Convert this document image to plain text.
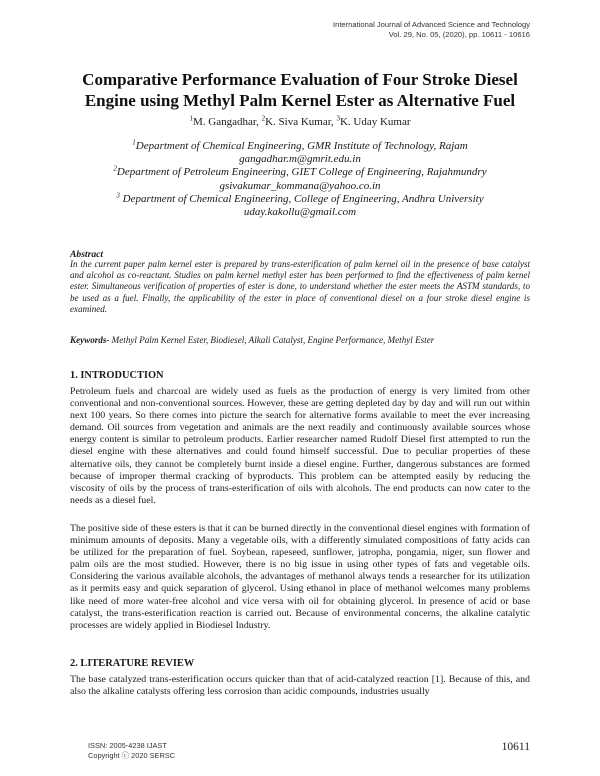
International Journal of Advanced Science and Technology
Vol. 29, No. 05, (2020), pp. 10611 - 10616
Comparative Performance Evaluation of Four Stroke Diesel
Engine using Methyl Palm Kernel Ester as Alternative Fuel
$^1$M. Gangadhar, $^2$K. Siva Kumar, $^3$K. Uday Kumar
$^1$Department of Chemical Engineering, GMR Institute of Technology, Rajam
gangadhar.m@gmrit.edu.in
$^2$Department of Petroleum Engineering, GIET College of Engineering, Rajahmundry
gsivakumar_kommana@yahoo.co.in
$^3$ Department of Chemical Engineering, College of Engineering, Andhra University
uday.kakollu@gmail.com
Abstract
In the current paper palm kernel ester is prepared by trans-esterification of palm kernel oil in the presence of base catalyst and alcohol as co-reactant. Studies on palm kernel methyl ester has been performed to find the effectiveness of palm kernel ester. Simultaneous verification of properties of ester is done, to understand whether the ester meets the ASTM standards, to be used as a fuel. Finally, the applicability of the ester in place of conventional diesel on a four stroke diesel engine is examined.
Keywords- Methyl Palm Kernel Ester, Biodiesel, Alkali Catalyst, Engine Performance, Methyl Ester
1. INTRODUCTION
Petroleum fuels and charcoal are widely used as fuels as the production of energy is very limited from other conventional and non-conventional sources. However, these are getting depleted day by day and will run out within next 100 years. So there comes into picture the search for alternative forms available to meet the ever increasing demand. Oil sources from vegetation and animals are the next readily and continuously available sources whose energy content is similar to petroleum products. Earlier researcher named Rudolf Diesel first attempted to run the diesel engine with these alternatives and could found himself successful. Due to peculiar properties of these alternative oils, they cannot be completely burnt inside a diesel engine. Further, dangerous substances are formed because of improper thermal cracking of byproducts. This problem can be attempted easily by reducing the viscosity of oils by the process of trans-esterification of oils with alcohols. The end products can now cater to the needs as a diesel fuel.
The positive side of these esters is that it can be burned directly in the conventional diesel engines with formation of minimum amounts of deposits. Many a vegetable oils, with a differently simulated compositions of fatty acids can be utilized for the preparation of fuel. Soybean, rapeseed, sunflower, jatropha, pongamia, niger, sun flower and palm oils are the most studied. However, there is no big issue in using other types of fats and vegetable oils. Considering the various available alcohols, the advantages of methanol always tends a researcher for its utilization as it permits easy and quick separation of glycerol. Using ethanol in place of methanol welcomes many problems like need of more water-free alcohol and vice versa with oil for obtaining glycerol. In presence of acid or base catalyst, the trans-esterification reaction is carried out. Because of environmental concerns, the alkaline catalytic processes are widely applied in Biodiesel Industry.
2. LITERATURE REVIEW
The base catalyzed trans-esterification occurs quicker than that of acid-catalyzed reaction [1]. Because of this, and also the alkaline catalysts offering less corrosion than acidic compounds, industries usually
ISSN: 2005-4238 IJAST
Copyright ⓒ 2020 SERSC
10611
